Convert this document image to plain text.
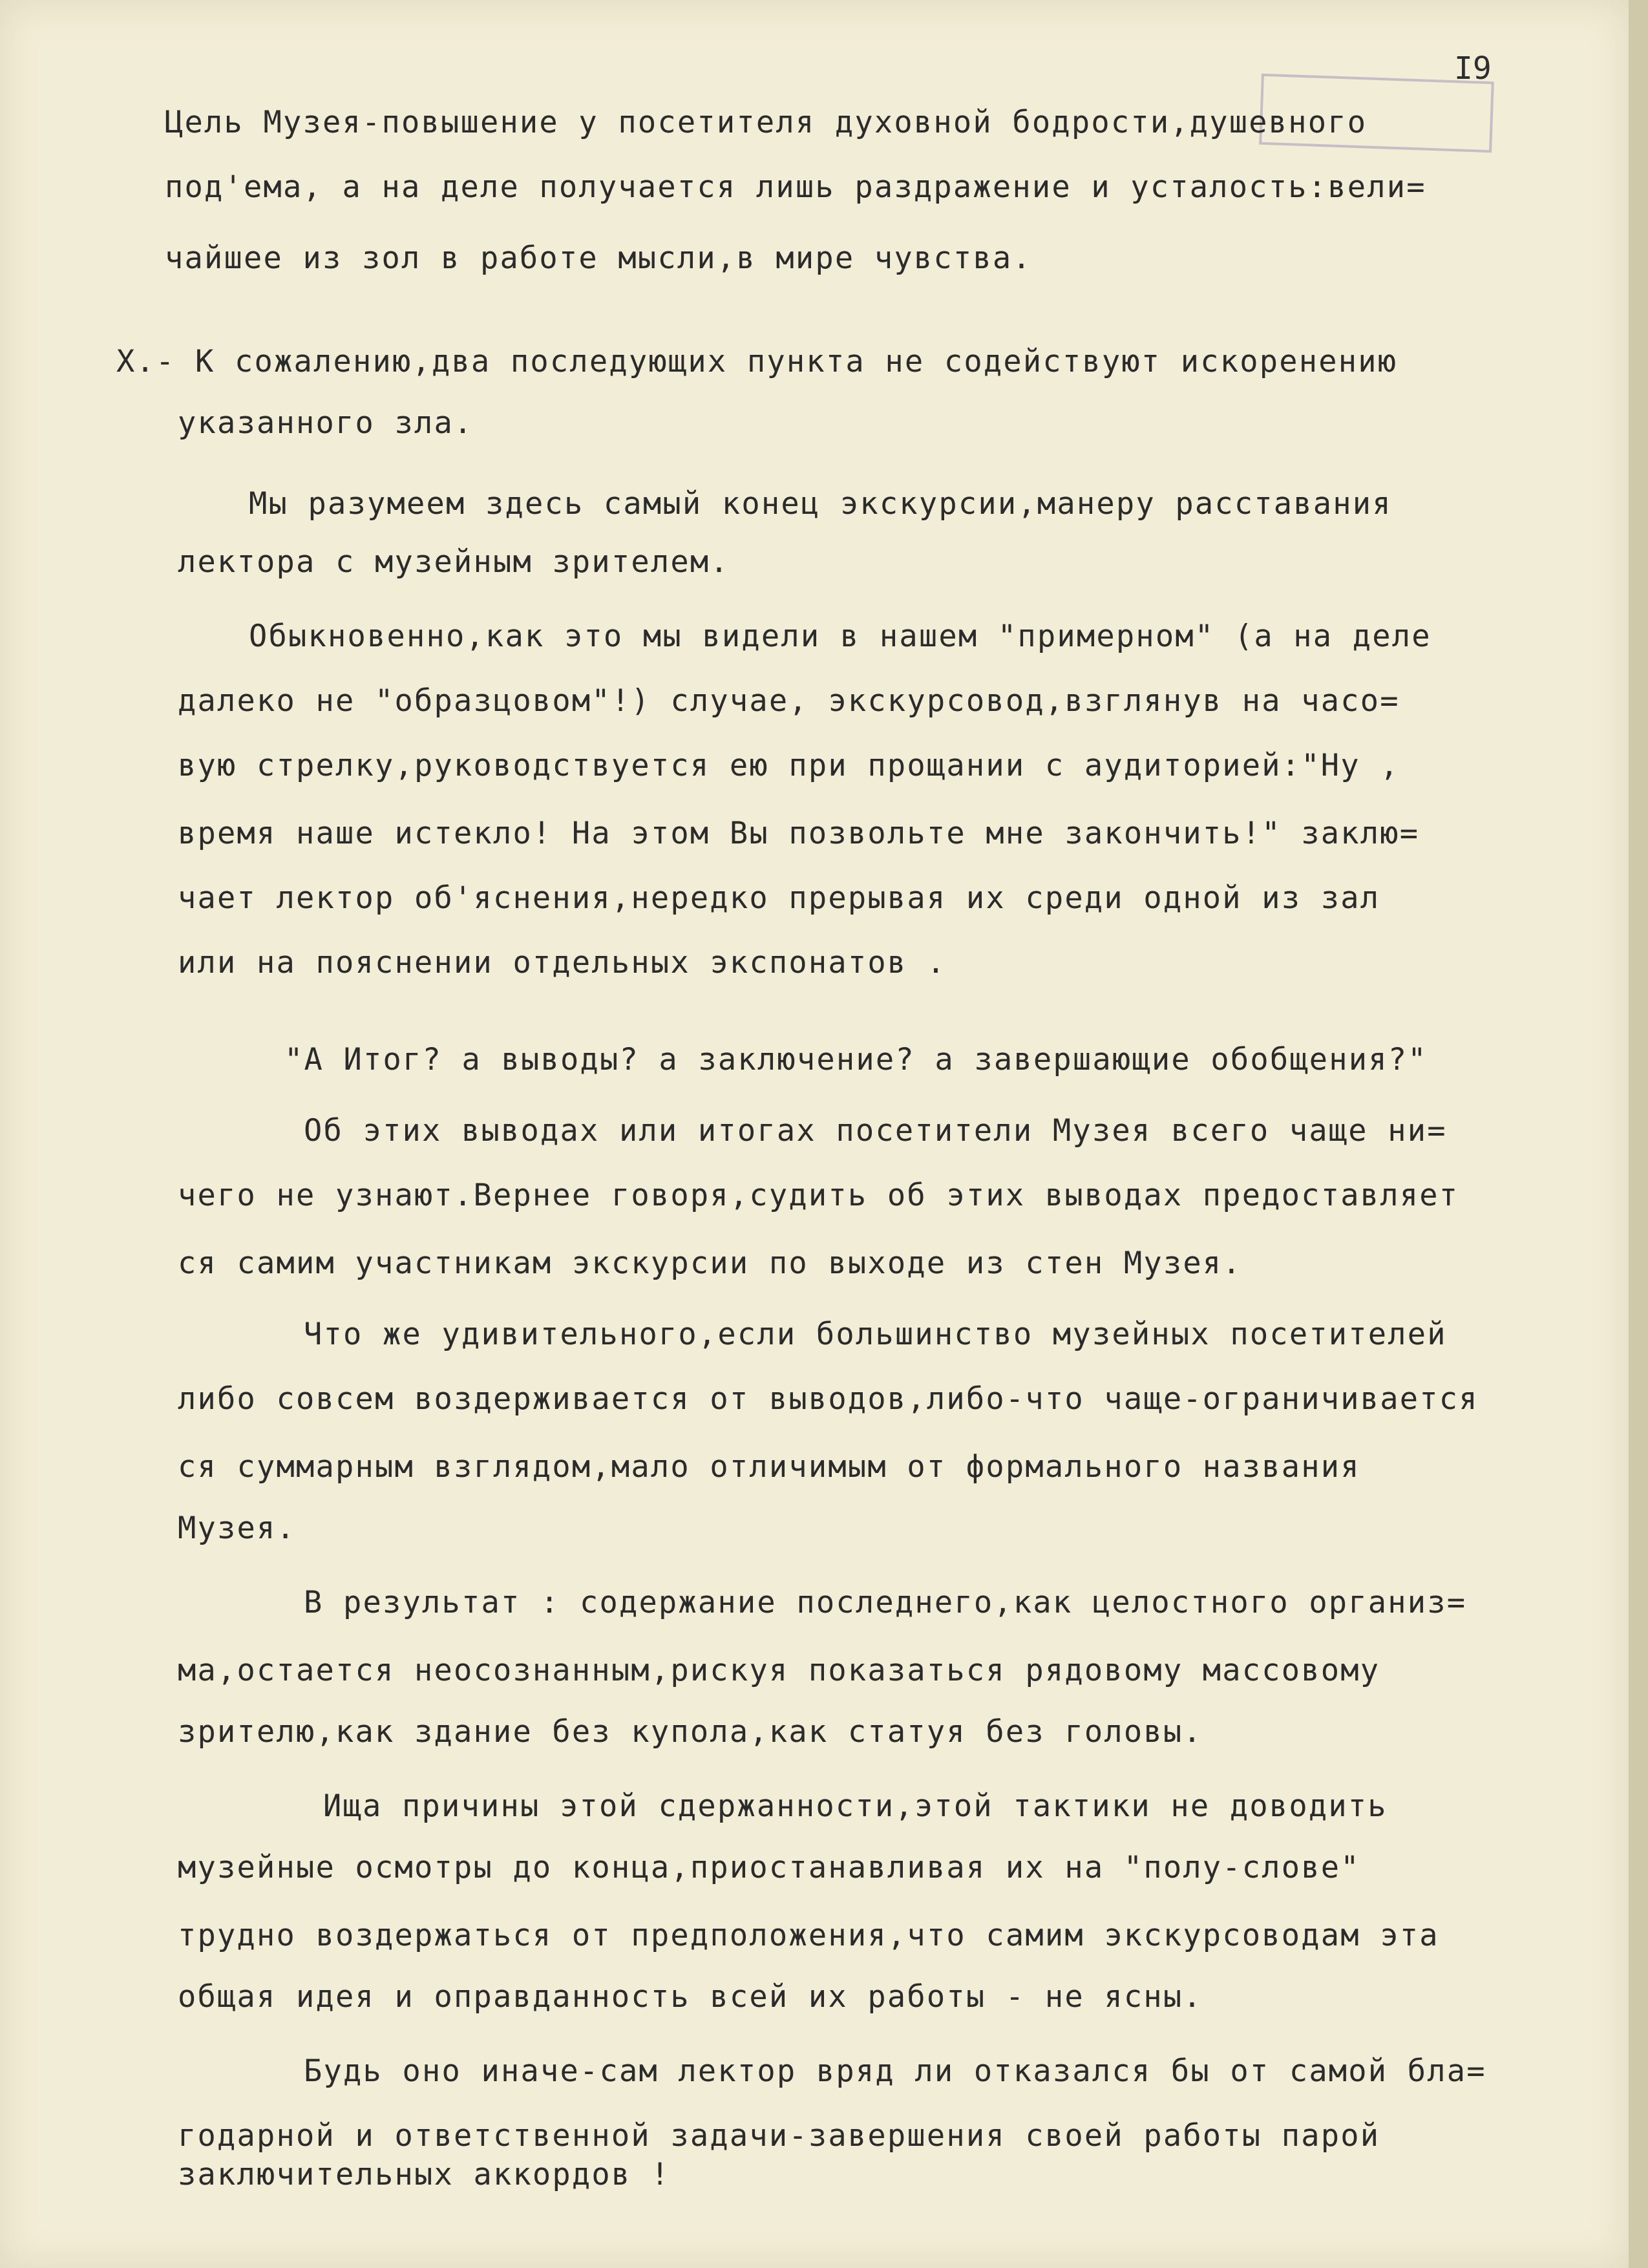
I9
Цель Музея-повышение у посетителя духовной бодрости,душевного
под'ема, а на деле получается лишь раздражение и усталость:вели=
чайшее из зол в работе мысли,в мире чувства.
X.- К сожалению,два последующих пункта не содействуют искоренению
указанного зла.
Мы разумеем здесь самый конец экскурсии,манеру расставания
лектора с музейным зрителем.
Обыкновенно,как это мы видели в нашем "примерном" (а на деле
далеко не "образцовом"!) случае, экскурсовод,взглянув на часо=
вую стрелку,руководствуется ею при прощании с аудиторией:"Ну ,
время наше истекло! На этом Вы позвольте мне закончить!" заклю=
чает лектор об'яснения,нередко прерывая их среди одной из зал
или на пояснении отдельных экспонатов .
"А Итог? а выводы? а заключение? а завершающие обобщения?"
Об этих выводах или итогах посетители Музея всего чаще ни=
чего не узнают.Вернее говоря,судить об этих выводах предоставляет
ся самим участникам экскурсии по выходе из стен Музея.
Что же удивительного,если большинство музейных посетителей
либо совсем воздерживается от выводов,либо-что чаще-ограничивается
ся суммарным взглядом,мало отличимым от формального названия
Музея.
В результат : содержание последнего,как целостного организ=
ма,остается неосознанным,рискуя показаться рядовому массовому
зрителю,как здание без купола,как статуя без головы.
Ища причины этой сдержанности,этой тактики не доводить
музейные осмотры до конца,приостанавливая их на "полу-слове"
трудно воздержаться от предположения,что самим экскурсоводам эта
общая идея и оправданность всей их работы - не ясны.
Будь оно иначе-сам лектор вряд ли отказался бы от самой бла=
годарной и ответственной задачи-завершения своей работы парой
заключительных аккордов !
